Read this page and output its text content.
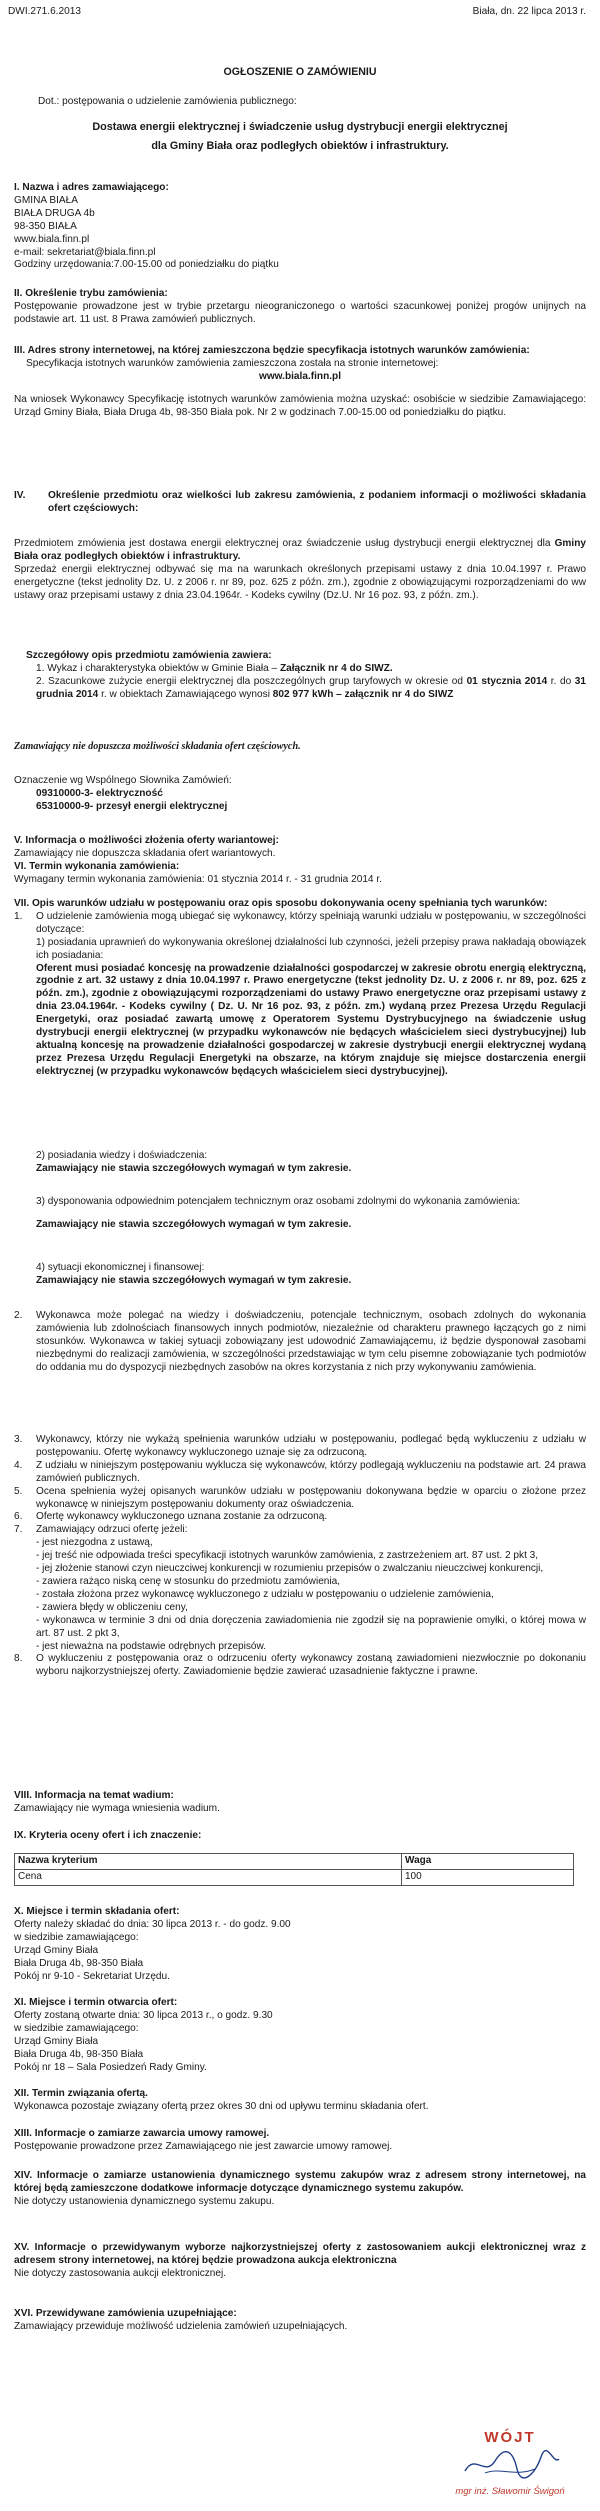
DWI.271.6.2013	Biała, dn. 22 lipca 2013 r.
OGŁOSZENIE O ZAMÓWIENIU
Dot.: postępowania o udzielenie zamówienia publicznego:
Dostawa energii elektrycznej i świadczenie usług dystrybucji energii elektrycznej
dla Gminy Biała oraz podległych obiektów i infrastruktury.

I. Nazwa i adres zamawiającego:

GMINA BIAŁA

BIAŁA DRUGA 4b

98-350 BIAŁA

www.biala.finn.pl

e-mail: sekretariat@biala.finn.pl

Godziny urzędowania:7.00-15.00 od poniedziałku do piątku

II. Określenie trybu zamówienia:

Postępowanie prowadzone jest w trybie przetargu nieograniczonego o wartości szacunkowej poniżej progów unijnych na podstawie art. 11 ust. 8 Prawa zamówień publicznych.

III. Adres strony internetowej, na której zamieszczona będzie specyfikacja istotnych warunków zamówienia:

Specyfikacja istotnych warunków zamówienia zamieszczona została na stronie internetowej:

www.biala.finn.pl

Na wniosek Wykonawcy Specyfikację istotnych warunków zamówienia można uzyskać: osobiście w siedzibie Zamawiającego: Urząd Gminy Biała, Biała Druga 4b, 98-350 Biała pok. Nr 2 w godzinach 7.00-15.00 od poniedziałku do piątku.

IV.	Określenie przedmiotu oraz wielkości lub zakresu zamówienia, z podaniem informacji o możliwości składania ofert częściowych:

Przedmiotem zmówienia jest dostawa energii elektrycznej oraz świadczenie usług dystrybucji energii elektrycznej dla Gminy Biała oraz podległych obiektów i infrastruktury.

Sprzedaż energii elektrycznej odbywać się ma na warunkach określonych przepisami ustawy z dnia 10.04.1997 r. Prawo energetyczne (tekst jednolity Dz. U. z 2006 r. nr 89, poz. 625 z późn. zm.), zgodnie z obowiązującymi rozporządzeniami do ww ustawy oraz przepisami ustawy z dnia 23.04.1964r. - Kodeks cywilny (Dz.U. Nr 16 poz. 93, z późn. zm.).

Szczegółowy opis przedmiotu zamówienia zawiera:

1. Wykaz i charakterystyka obiektów w Gminie Biała – Załącznik nr 4 do SIWZ.

2. Szacunkowe zużycie energii elektrycznej dla poszczególnych grup taryfowych w okresie od 01 stycznia 2014 r. do 31 grudnia 2014 r. w obiektach Zamawiającego wynosi 802 977 kWh – załącznik nr 4 do SIWZ

Zamawiający nie dopuszcza możliwości składania ofert częściowych.

Oznaczenie wg Wspólnego Słownika Zamówień:

09310000-3- elektryczność

65310000-9- przesył energii elektrycznej

V. Informacja o możliwości złożenia oferty wariantowej:

Zamawiający nie dopuszcza składania ofert wariantowych.

VI. Termin wykonania zamówienia:

Wymagany termin wykonania zamówienia: 01 stycznia 2014 r. - 31 grudnia 2014 r.

VII. Opis warunków udziału w postępowaniu oraz opis sposobu dokonywania oceny spełniania tych warunków:

1.	O udzielenie zamówienia mogą ubiegać się wykonawcy, którzy spełniają warunki udziału w postępowaniu, w szczególności dotyczące:

1) posiadania uprawnień do wykonywania określonej działalności lub czynności, jeżeli przepisy prawa nakładają obowiązek ich posiadania:

Oferent musi posiadać koncesję na prowadzenie działalności gospodarczej w zakresie obrotu energią elektryczną, zgodnie z art. 32 ustawy z dnia 10.04.1997 r. Prawo energetyczne (tekst jednolity Dz. U. z 2006 r. nr 89, poz. 625 z późn. zm.), zgodnie z obowiązującymi rozporządzeniami do ustawy Prawo energetyczne oraz przepisami ustawy z dnia 23.04.1964r. - Kodeks cywilny ( Dz. U. Nr 16 poz. 93, z późn. zm.) wydaną przez Prezesa Urzędu Regulacji Energetyki, oraz posiadać zawartą umowę z Operatorem Systemu Dystrybucyjnego na świadczenie usług dystrybucji energii elektrycznej (w przypadku wykonawców nie będących właścicielem sieci dystrybucyjnej) lub aktualną koncesję na prowadzenie działalności gospodarczej w zakresie dystrybucji energii elektrycznej wydaną przez Prezesa Urzędu Regulacji Energetyki na obszarze, na którym znajduje się miejsce dostarczenia energii elektrycznej (w przypadku wykonawców będących właścicielem sieci dystrybucyjnej).

2) posiadania wiedzy i doświadczenia:

Zamawiający nie stawia szczegółowych wymagań w tym zakresie.

3) dysponowania odpowiednim potencjałem technicznym oraz osobami zdolnymi do wykonania zamówienia:

Zamawiający nie stawia szczegółowych wymagań w tym zakresie.

4) sytuacji ekonomicznej i finansowej:

Zamawiający nie stawia szczegółowych wymagań w tym zakresie.

2.	Wykonawca może polegać na wiedzy i doświadczeniu, potencjale technicznym, osobach zdolnych do wykonania zamówienia lub zdolnościach finansowych innych podmiotów, niezależnie od charakteru prawnego łączących go z nimi stosunków. Wykonawca w takiej sytuacji zobowiązany jest udowodnić Zamawiającemu, iż będzie dysponował zasobami niezbędnymi do realizacji zamówienia, w szczególności przedstawiając w tym celu pisemne zobowiązanie tych podmiotów do oddania mu do dyspozycji niezbędnych zasobów na okres korzystania z nich przy wykonywaniu zamówienia.
3.	Wykonawcy, którzy nie wykażą spełnienia warunków udziału w postępowaniu, podlegać będą wykluczeniu z udziału w postępowaniu. Ofertę wykonawcy wykluczonego uznaje się za odrzuconą.
4.	Z udziału w niniejszym postępowaniu wyklucza się wykonawców, którzy podlegają wykluczeniu na podstawie art. 24 prawa zamówień publicznych.
5.	Ocena spełnienia wyżej opisanych warunków udziału w postępowaniu dokonywana będzie w oparciu o złożone przez wykonawcę w niniejszym postępowaniu dokumenty oraz oświadczenia.
6.	Ofertę wykonawcy wykluczonego uznana zostanie za odrzuconą.
7.	Zamawiający odrzuci ofertę jeżeli:

- jest niezgodna z ustawą,

- jej treść nie odpowiada treści specyfikacji istotnych warunków zamówienia, z zastrzeżeniem art. 87 ust. 2 pkt 3,

- jej złożenie stanowi czyn nieuczciwej konkurencji w rozumieniu przepisów o zwalczaniu nieuczciwej konkurencji,

- zawiera rażąco niską cenę w stosunku do przedmiotu zamówienia,

- została złożona przez wykonawcę wykluczonego z udziału w postępowaniu o udzielenie zamówienia,

- zawiera błędy w obliczeniu ceny,

- wykonawca w terminie 3 dni od dnia doręczenia zawiadomienia nie zgodził się na poprawienie omyłki, o której mowa w art. 87 ust. 2 pkt 3,

- jest nieważna na podstawie odrębnych przepisów.

8.	O wykluczeniu z postępowania oraz o odrzuceniu oferty wykonawcy zostaną zawiadomieni niezwłocznie po dokonaniu wyboru najkorzystniejszej oferty. Zawiadomienie będzie zawierać uzasadnienie faktyczne i prawne.

VIII. Informacja na temat wadium:

Zamawiający nie wymaga wniesienia wadium.

IX. Kryteria oceny ofert i ich znaczenie:

Nazwa kryterium	Waga
Cena	100

X. Miejsce i termin składania ofert:

Oferty należy składać do dnia: 30 lipca 2013 r. - do godz. 9.00

w siedzibie zamawiającego:

Urząd Gminy Biała

Biała Druga 4b, 98-350 Biała

Pokój nr 9-10 - Sekretariat Urzędu.

XI. Miejsce i termin otwarcia ofert:

Oferty zostaną otwarte dnia: 30 lipca 2013 r., o godz. 9.30

w siedzibie zamawiającego:

Urząd Gminy Biała

Biała Druga 4b, 98-350 Biała

Pokój nr 18 – Sala Posiedzeń Rady Gminy.

XII. Termin związania ofertą.

Wykonawca pozostaje związany ofertą przez okres 30 dni od upływu terminu składania ofert.

XIII. Informacje o zamiarze zawarcia umowy ramowej.

Postępowanie prowadzone przez Zamawiającego nie jest zawarcie umowy ramowej.

XIV. Informacje o zamiarze ustanowienia dynamicznego systemu zakupów wraz z adresem strony internetowej, na której będą zamieszczone dodatkowe informacje dotyczące dynamicznego systemu zakupów.

Nie dotyczy ustanowienia dynamicznego systemu zakupu.

XV. Informacje o przewidywanym wyborze najkorzystniejszej oferty z zastosowaniem aukcji elektronicznej wraz z adresem strony internetowej, na której będzie prowadzona aukcja elektroniczna

Nie dotyczy zastosowania aukcji elektronicznej.

XVI. Przewidywane zamówienia uzupełniające:

Zamawiający przewiduje możliwość udzielenia zamówień uzupełniających.

WÓJT
mgr inż. Sławomir Świgoń
